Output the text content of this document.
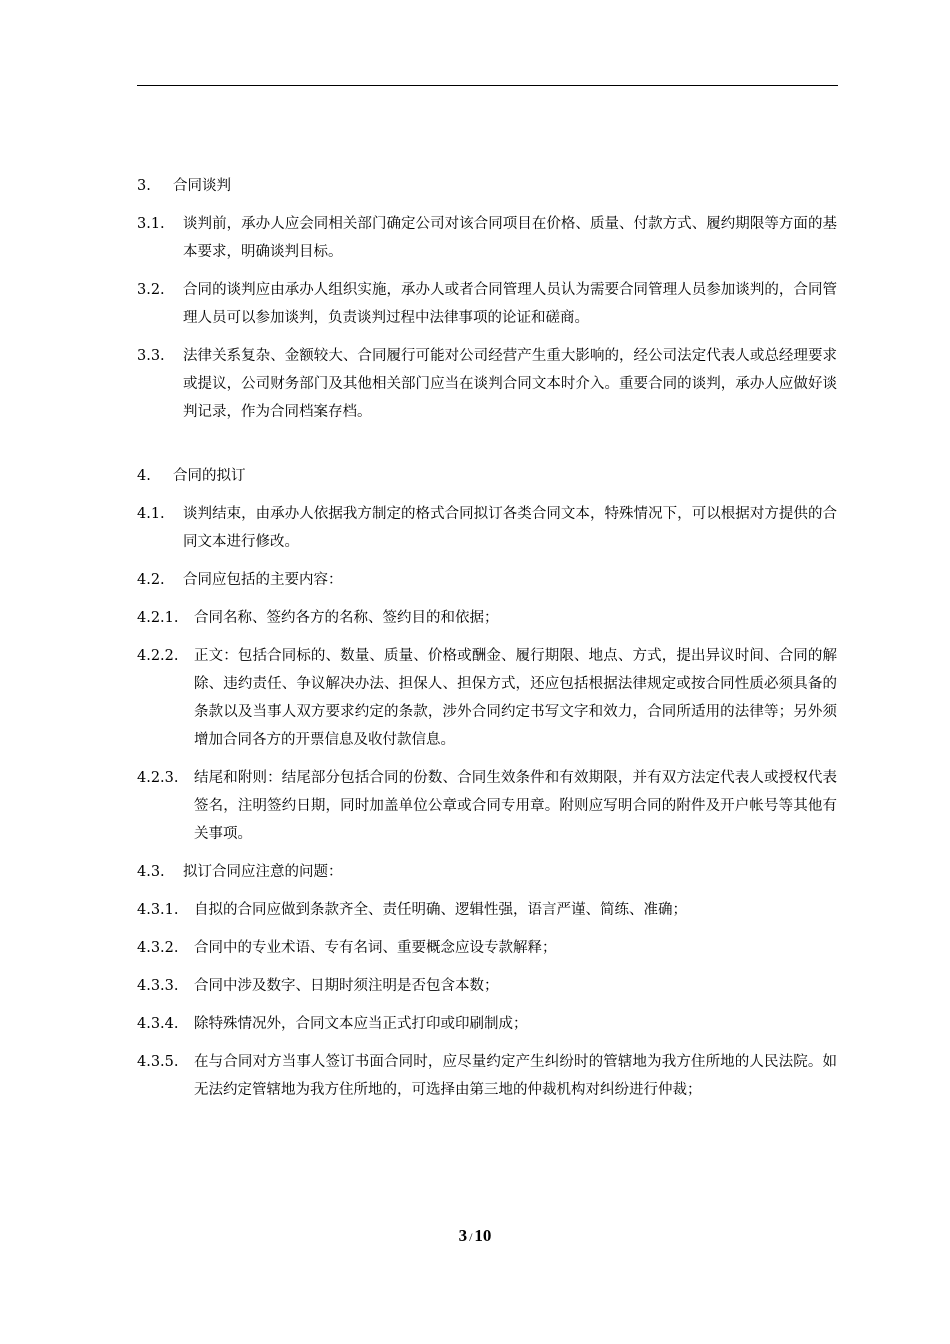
3.	合同谈判
3.1.	谈判前，承办人应会同相关部门确定公司对该合同项目在价格、质量、付款方式、履约期限等方面的基本要求，明确谈判目标。
3.2.	合同的谈判应由承办人组织实施，承办人或者合同管理人员认为需要合同管理人员参加谈判的，合同管理人员可以参加谈判，负责谈判过程中法律事项的论证和磋商。
3.3.	法律关系复杂、金额较大、合同履行可能对公司经营产生重大影响的，经公司法定代表人或总经理要求或提议，公司财务部门及其他相关部门应当在谈判合同文本时介入。重要合同的谈判，承办人应做好谈判记录，作为合同档案存档。
4.	合同的拟订
4.1.	谈判结束，由承办人依据我方制定的格式合同拟订各类合同文本，特殊情况下，可以根据对方提供的合同文本进行修改。
4.2.	合同应包括的主要内容：
4.2.1.	合同名称、签约各方的名称、签约目的和依据；
4.2.2.	正文：包括合同标的、数量、质量、价格或酬金、履行期限、地点、方式，提出异议时间、合同的解除、违约责任、争议解决办法、担保人、担保方式，还应包括根据法律规定或按合同性质必须具备的条款以及当事人双方要求约定的条款，涉外合同约定书写文字和效力，合同所适用的法律等；另外须增加合同各方的开票信息及收付款信息。
4.2.3.	结尾和附则：结尾部分包括合同的份数、合同生效条件和有效期限，并有双方法定代表人或授权代表签名，注明签约日期，同时加盖单位公章或合同专用章。附则应写明合同的附件及开户帐号等其他有关事项。
4.3.	拟订合同应注意的问题：
4.3.1.	自拟的合同应做到条款齐全、责任明确、逻辑性强，语言严谨、简练、准确；
4.3.2.	合同中的专业术语、专有名词、重要概念应设专款解释；
4.3.3.	合同中涉及数字、日期时须注明是否包含本数；
4.3.4.	除特殊情况外，合同文本应当正式打印或印刷制成；
4.3.5.	在与合同对方当事人签订书面合同时，应尽量约定产生纠纷时的管辖地为我方住所地的人民法院。如无法约定管辖地为我方住所地的，可选择由第三地的仲裁机构对纠纷进行仲裁；
3 / 10
